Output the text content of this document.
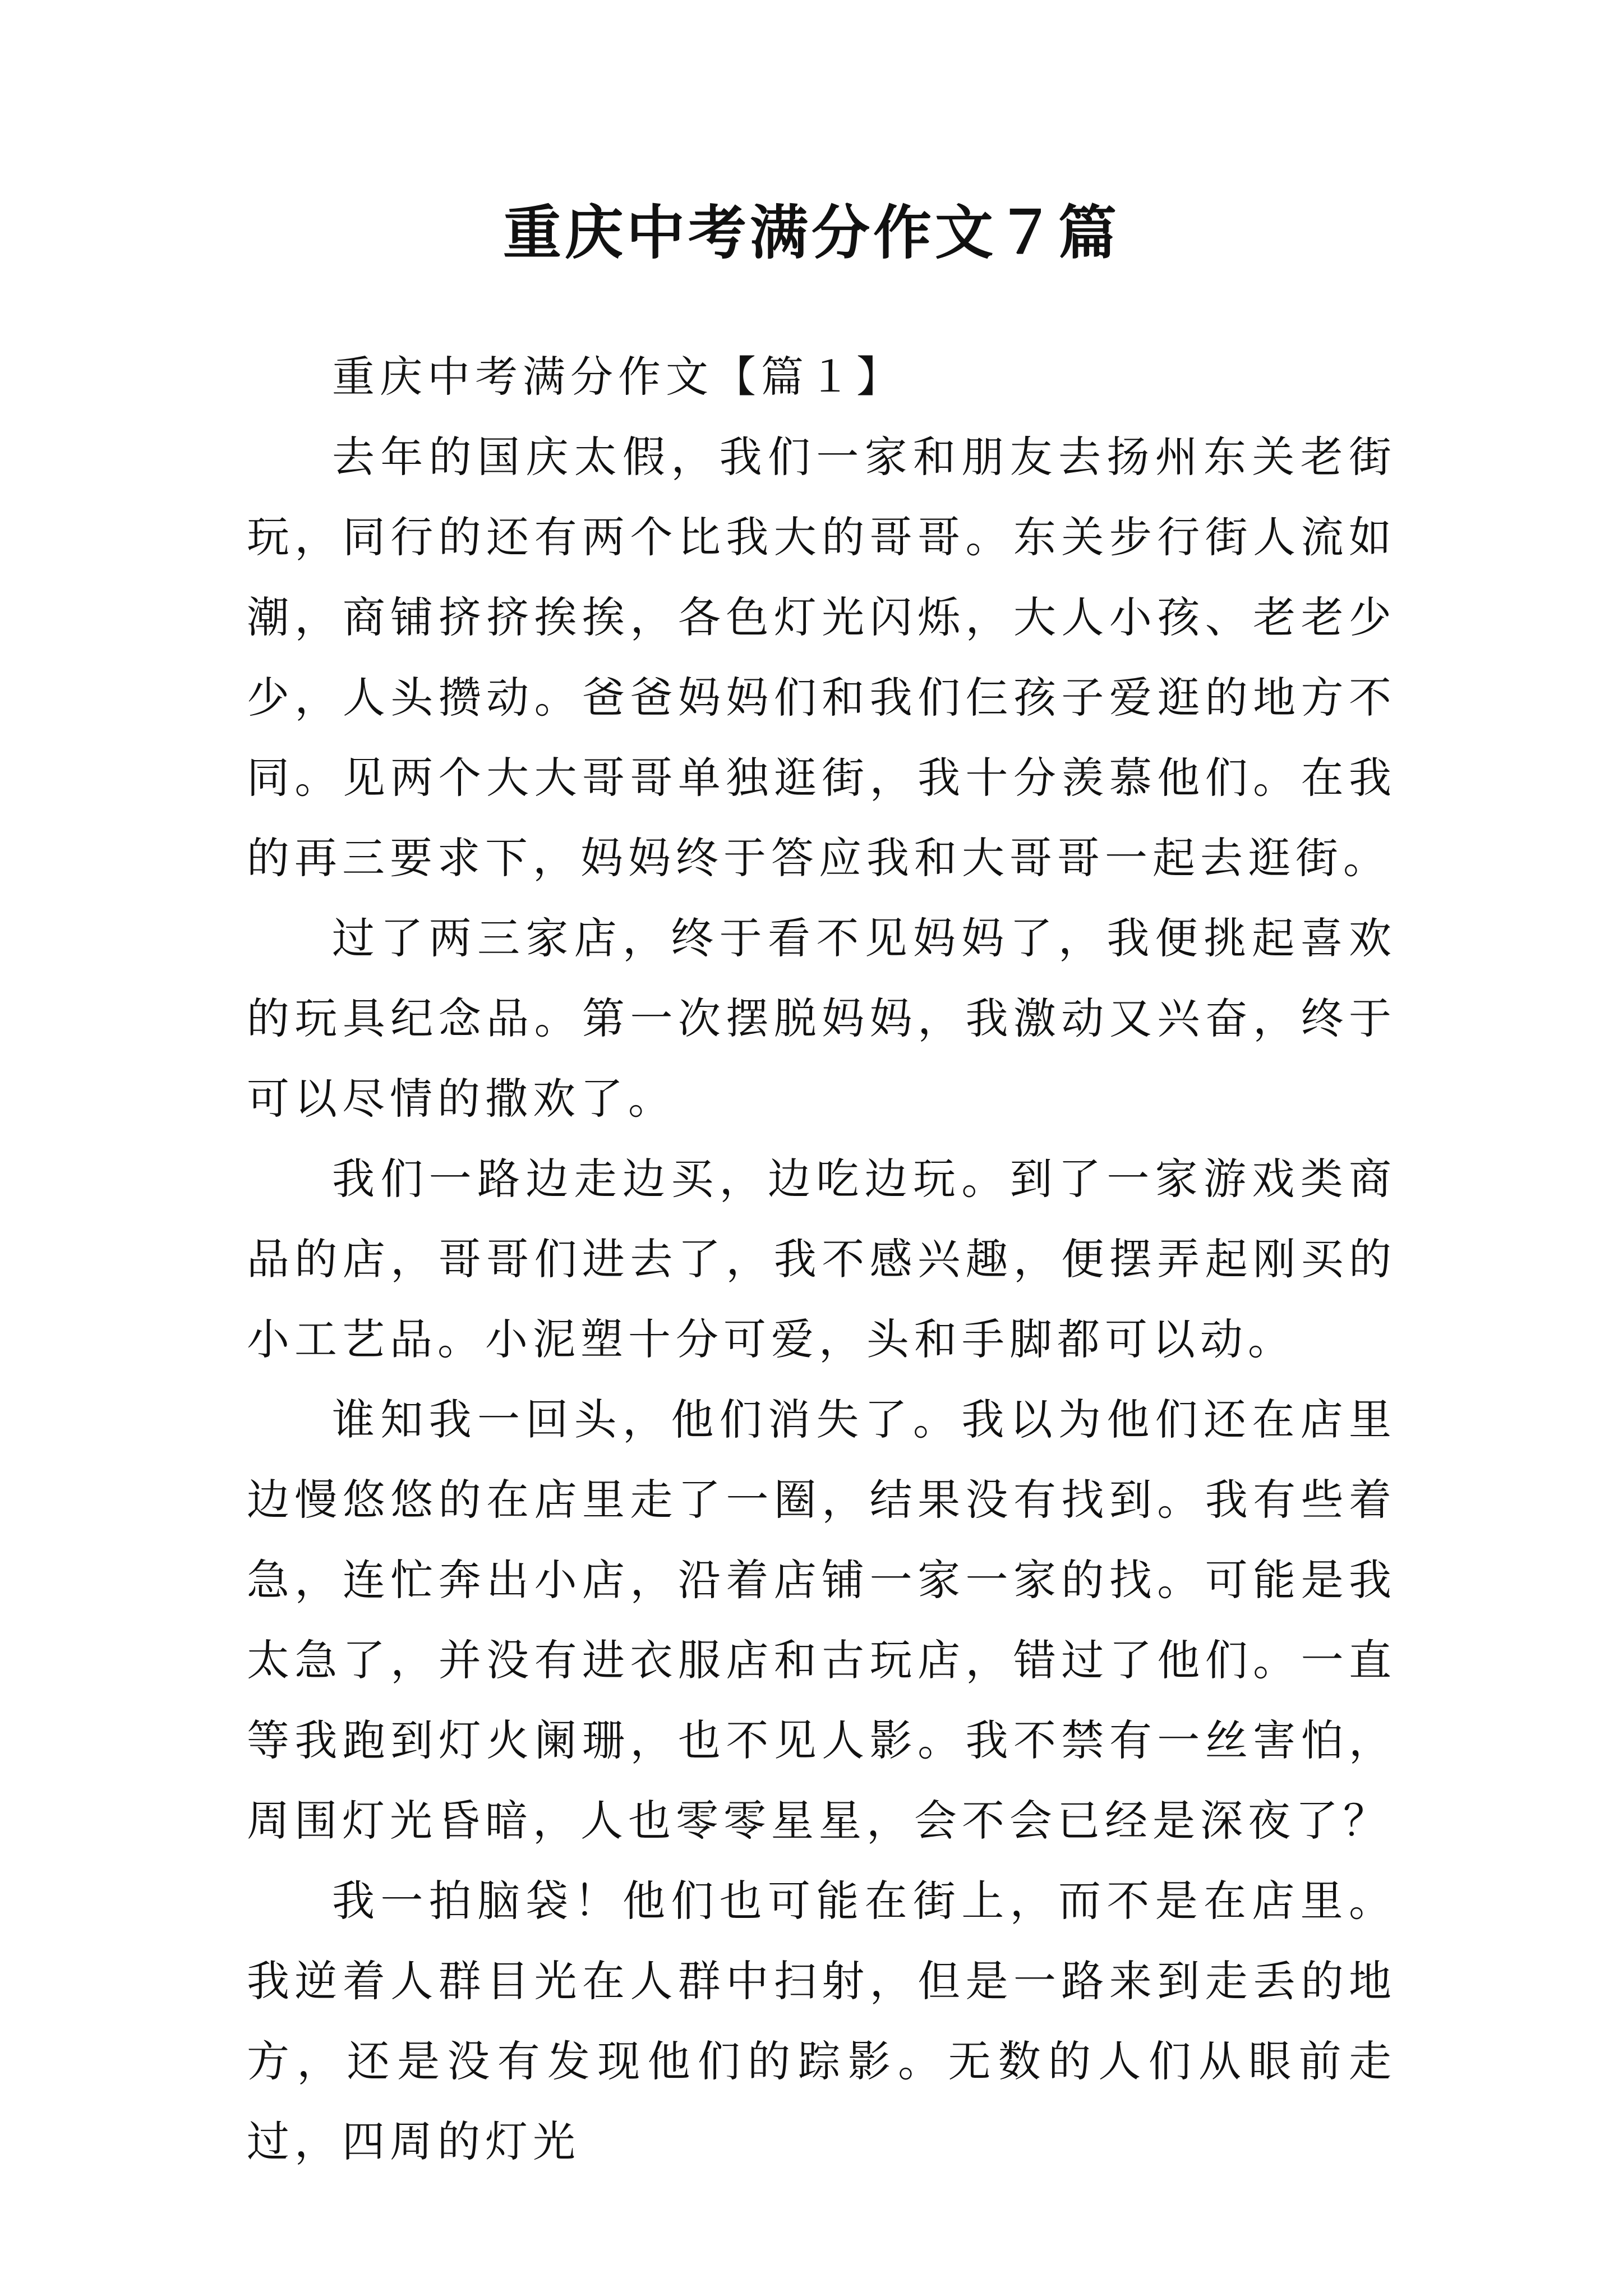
重庆中考满分作文７篇

重庆中考满分作文【篇１】

去年的国庆太假，我们一家和朋友去扬州东关老街玩，同行的还有两个比我大的哥哥。东关步行街人流如潮，商铺挤挤挨挨，各色灯光闪烁，大人小孩、老老少少，人头攒动。爸爸妈妈们和我们仨孩子爱逛的地方不同。见两个大大哥哥单独逛街，我十分羡慕他们。在我的再三要求下，妈妈终于答应我和大哥哥一起去逛街。

过了两三家店，终于看不见妈妈了，我便挑起喜欢的玩具纪念品。第一次摆脱妈妈，我激动又兴奋，终于可以尽情的撒欢了。

我们一路边走边买，边吃边玩。到了一家游戏类商品的店，哥哥们进去了，我不感兴趣，便摆弄起刚买的小工艺品。小泥塑十分可爱，头和手脚都可以动。

谁知我一回头，他们消失了。我以为他们还在店里边慢悠悠的在店里走了一圈，结果没有找到。我有些着急，连忙奔出小店，沿着店铺一家一家的找。可能是我太急了，并没有进衣服店和古玩店，错过了他们。一直等我跑到灯火阑珊，也不见人影。我不禁有一丝害怕，周围灯光昏暗，人也零零星星，会不会已经是深夜了？

我一拍脑袋！他们也可能在街上，而不是在店里。我逆着人群目光在人群中扫射，但是一路来到走丢的地方，还是没有发现他们的踪影。无数的人们从眼前走过，四周的灯光
